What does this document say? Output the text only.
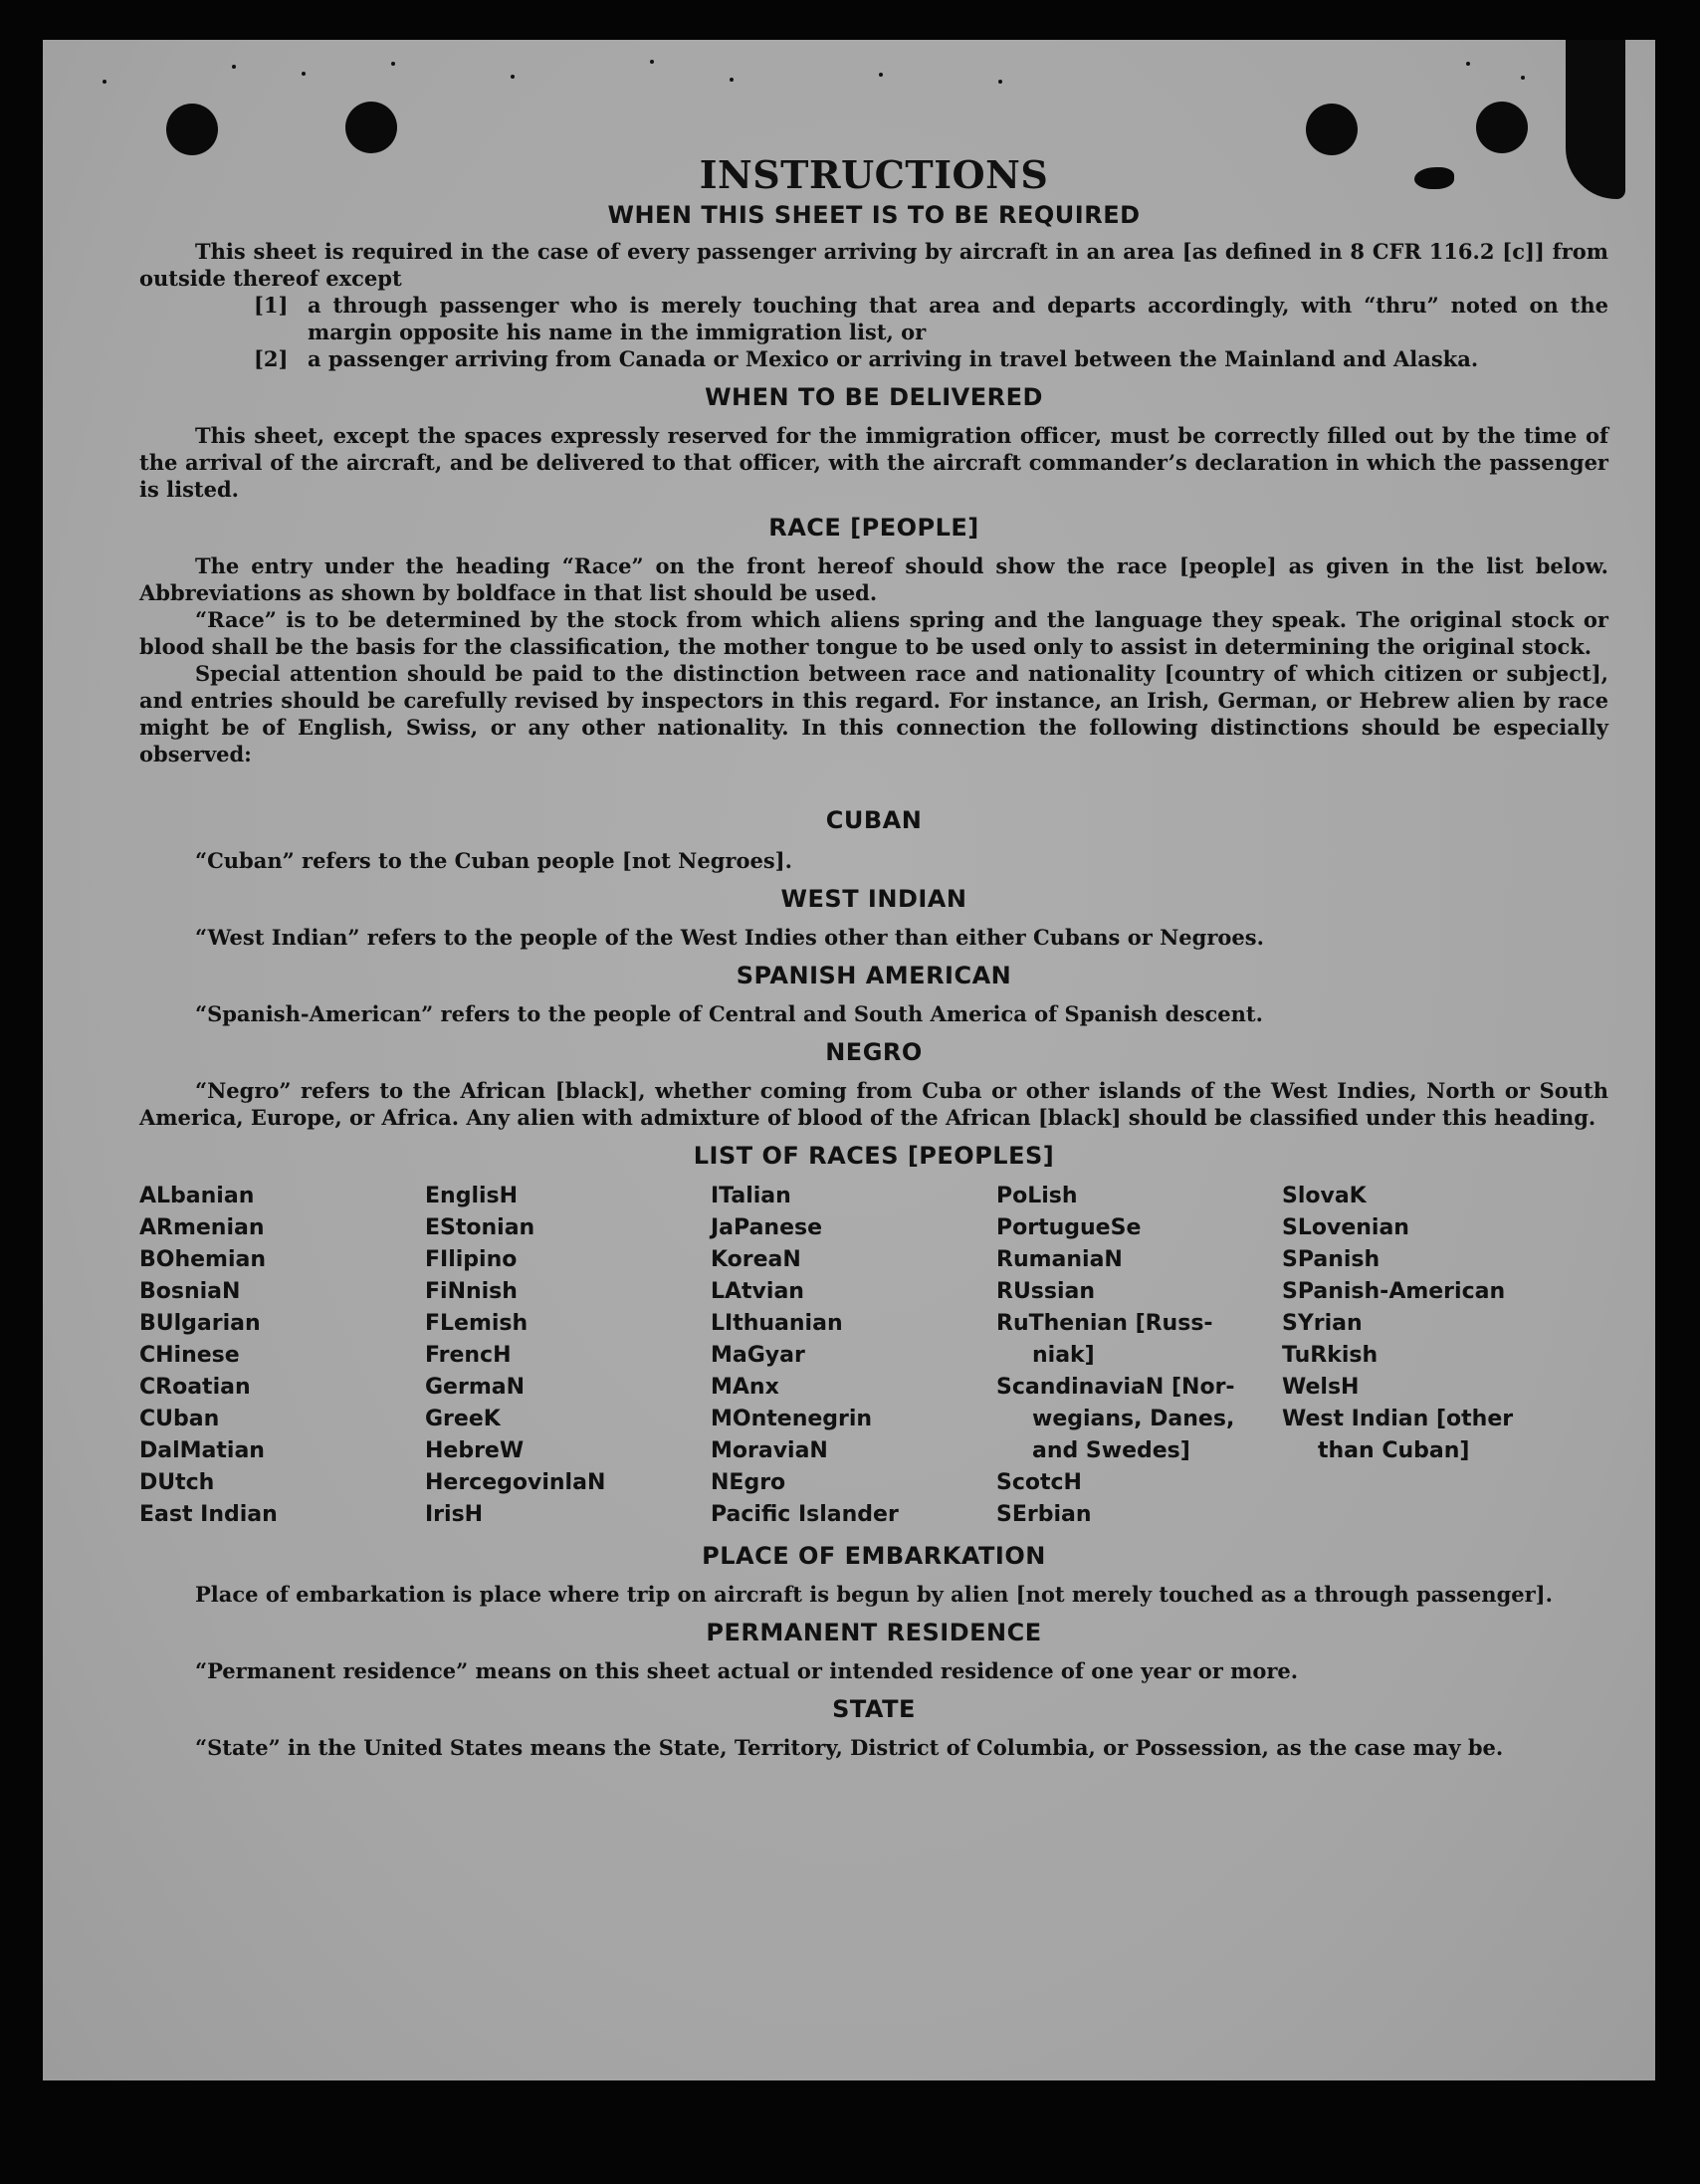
INSTRUCTIONS
WHEN THIS SHEET IS TO BE REQUIRED

This sheet is required in the case of every passenger arriving by aircraft in an area [as defined in 8 CFR 116.2 [c]] from outside thereof except

[1] a through passenger who is merely touching that area and departs accordingly, with “thru” noted on the margin opposite his name in the immigration list, or
[2] a passenger arriving from Canada or Mexico or arriving in travel between the Mainland and Alaska.
WHEN TO BE DELIVERED

This sheet, except the spaces expressly reserved for the immigration officer, must be correctly filled out by the time of the arrival of the aircraft, and be delivered to that officer, with the aircraft commander’s declaration in which the passenger is listed.

RACE [PEOPLE]

The entry under the heading “Race” on the front hereof should show the race [people] as given in the list below. Abbreviations as shown by boldface in that list should be used.

“Race” is to be determined by the stock from which aliens spring and the language they speak. The original stock or blood shall be the basis for the classification, the mother tongue to be used only to assist in determining the original stock.

Special attention should be paid to the distinction between race and nationality [country of which citizen or subject], and entries should be carefully revised by inspectors in this regard. For instance, an Irish, German, or Hebrew alien by race might be of English, Swiss, or any other nationality. In this connection the following distinctions should be especially observed:

CUBAN

“Cuban” refers to the Cuban people [not Negroes].

WEST INDIAN

“West Indian” refers to the people of the West Indies other than either Cubans or Negroes.

SPANISH AMERICAN

“Spanish-American” refers to the people of Central and South America of Spanish descent.

NEGRO

“Negro” refers to the African [black], whether coming from Cuba or other islands of the West Indies, North or South America, Europe, or Africa. Any alien with admixture of blood of the African [black] should be classified under this heading.

LIST OF RACES [PEOPLES]
ALbanian
ARmenian
BOhemian
BosniaN
BUlgarian
CHinese
CRoatian
CUban
DalMatian
DUtch
East Indian
EnglisH
EStonian
FIlipino
FiNnish
FLemish
FrencH
GermaN
GreeK
HebreW
HercegovinlaN
IrisH
ITalian
JaPanese
KoreaN
LAtvian
LIthuanian
MaGyar
MAnx
MOntenegrin
MoraviaN
NEgro
Pacific Islander
PoLish
PortugueSe
RumaniaN
RUssian
RuThenian [Russ-
niak]
ScandinaviaN [Nor-
wegians, Danes,
and Swedes]
ScotcH
SErbian
SlovaK
SLovenian
SPanish
SPanish-American
SYrian
TuRkish
WelsH
West Indian [other
than Cuban]
PLACE OF EMBARKATION

Place of embarkation is place where trip on aircraft is begun by alien [not merely touched as a through passenger].

PERMANENT RESIDENCE

“Permanent residence” means on this sheet actual or intended residence of one year or more.

STATE

“State” in the United States means the State, Territory, District of Columbia, or Possession, as the case may be.
